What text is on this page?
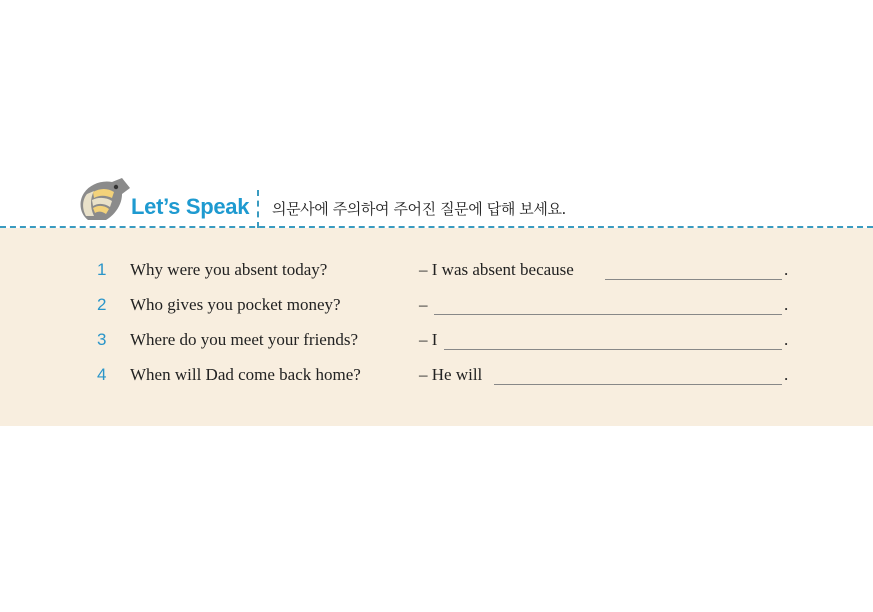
Let’s Speak 의문사에 주의하여 주어진 질문에 답해 보세요.
1 Why were you absent today?	– I was absent because	.
2 Who gives you pocket money?	–	.
3 Where do you meet your friends?	– I	.
4 When will Dad come back home?	– He will	.
